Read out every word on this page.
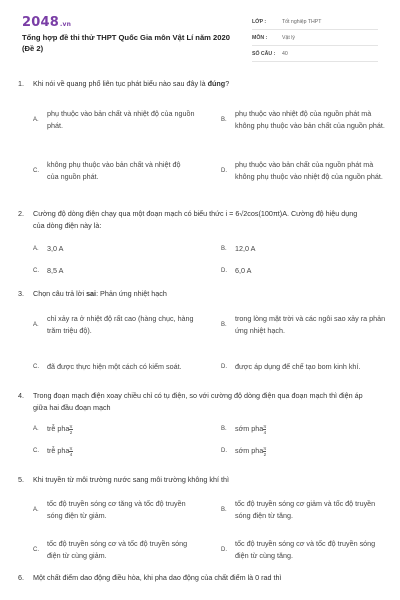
2048.vn
Tổng hợp đề thi thử THPT Quốc Gia môn Vật Lí năm 2020
(Đề 2)
LỚP :	Tốt nghiệp THPT
MÔN :	Vật lý
SỐ CÂU :	40
1.	Khi nói về quang phổ liên tục phát biểu nào sau đây là đúng?
A.
phụ thuộc vào bản chất và nhiệt độ của nguồn phát.
B.
phụ thuộc vào nhiệt độ của nguồn phát mà không phụ thuộc vào bản chất của nguồn phát.
C.
không phụ thuộc vào bản chất và nhiệt độ của nguồn phát.
D.
phụ thuộc vào bản chất của nguồn phát mà không phụ thuộc vào nhiệt độ của nguồn phát.
2.	Cường độ dòng điện chạy qua một đoạn mạch có biểu thức i = 6√2cos(100πt)A. Cường độ hiệu dụng của dòng điện này là:
A.	3,0 A	B.	12,0 A
C.	8,5 A	D.	6,0 A
3.	Chọn câu trả lời sai: Phản ứng nhiệt hạch
A.
chỉ xảy ra ở nhiệt độ rất cao (hàng chục, hàng trăm triệu độ).
B.
trong lòng mặt trời và các ngôi sao xảy ra phản ứng nhiệt hạch.
C.	đã được thực hiện một cách có kiểm soát.	D.	được áp dụng để chế tạo bom kinh khí.
4.	Trong đoạn mạch điện xoay chiều chỉ có tụ điện, so với cường độ dòng điện qua đoạn mạch thì điện áp giữa hai đầu đoạn mạch
A.	trễ pha $\frac{\pi}{2}$	B.	sớm pha $\frac{\pi}{4}$
C.	trễ pha $\frac{\pi}{4}$	D.	sớm pha $\frac{\pi}{2}$
5.	Khi truyền từ môi trường nước sang môi trường không khí thì
A.
tốc độ truyền sóng cơ tăng và tốc độ truyền sóng điện từ giảm.
B.
tốc độ truyền sóng cơ giảm và tốc độ truyền sóng điện từ tăng.
C.
tốc độ truyền sóng cơ và tốc độ truyền sóng điện từ cùng giảm.
D.
tốc độ truyền sóng cơ và tốc độ truyền sóng điện từ cùng tăng.
6.	Một chất điểm dao động điều hòa, khi pha dao động của chất điểm là 0 rad thì
